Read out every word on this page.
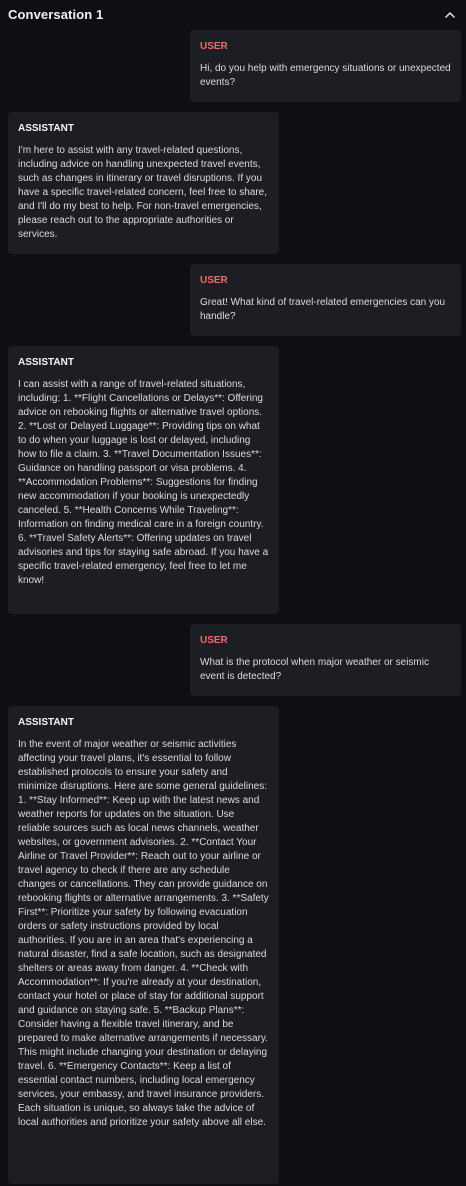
Conversation 1
USER
Hi, do you help with emergency situations or unexpected events?
ASSISTANT
I'm here to assist with any travel-related questions, including advice on handling unexpected travel events, such as changes in itinerary or travel disruptions. If you have a specific travel-related concern, feel free to share, and I'll do my best to help. For non-travel emergencies, please reach out to the appropriate authorities or services.
USER
Great! What kind of travel-related emergencies can you handle?
ASSISTANT
I can assist with a range of travel-related situations, including: 1. **Flight Cancellations or Delays**: Offering advice on rebooking flights or alternative travel options. 2. **Lost or Delayed Luggage**: Providing tips on what to do when your luggage is lost or delayed, including how to file a claim. 3. **Travel Documentation Issues**: Guidance on handling passport or visa problems. 4. **Accommodation Problems**: Suggestions for finding new accommodation if your booking is unexpectedly canceled. 5. **Health Concerns While Traveling**: Information on finding medical care in a foreign country. 6. **Travel Safety Alerts**: Offering updates on travel advisories and tips for staying safe abroad. If you have a specific travel-related emergency, feel free to let me know!
USER
What is the protocol when major weather or seismic event is detected?
ASSISTANT
In the event of major weather or seismic activities affecting your travel plans, it's essential to follow established protocols to ensure your safety and minimize disruptions. Here are some general guidelines: 1. **Stay Informed**: Keep up with the latest news and weather reports for updates on the situation. Use reliable sources such as local news channels, weather websites, or government advisories. 2. **Contact Your Airline or Travel Provider**: Reach out to your airline or travel agency to check if there are any schedule changes or cancellations. They can provide guidance on rebooking flights or alternative arrangements. 3. **Safety First**: Prioritize your safety by following evacuation orders or safety instructions provided by local authorities. If you are in an area that's experiencing a natural disaster, find a safe location, such as designated shelters or areas away from danger. 4. **Check with Accommodation**: If you're already at your destination, contact your hotel or place of stay for additional support and guidance on staying safe. 5. **Backup Plans**: Consider having a flexible travel itinerary, and be prepared to make alternative arrangements if necessary. This might include changing your destination or delaying travel. 6. **Emergency Contacts**: Keep a list of essential contact numbers, including local emergency services, your embassy, and travel insurance providers. Each situation is unique, so always take the advice of local authorities and prioritize your safety above all else.
